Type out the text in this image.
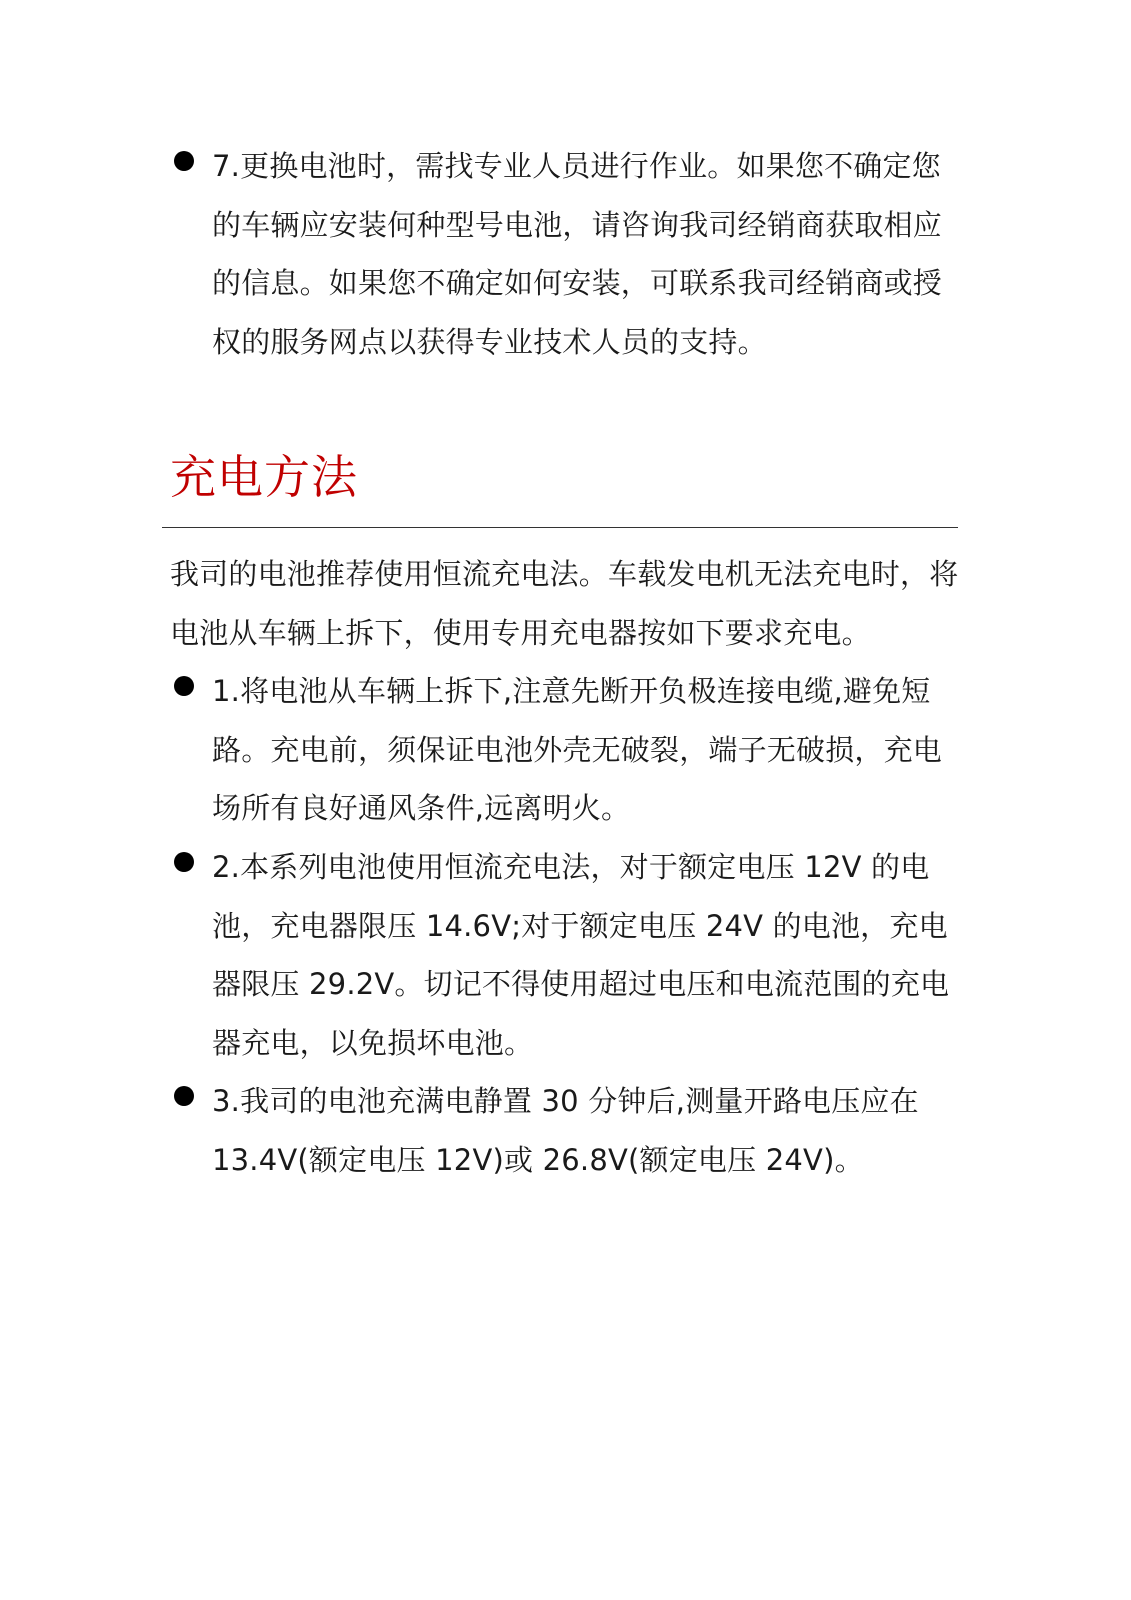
7.更换电池时，需找专业人员进行作业。如果您不确定您的车辆应安装何种型号电池，请咨询我司经销商获取相应的信息。如果您不确定如何安装，可联系我司经销商或授权的服务网点以获得专业技术人员的支持。
充电方法
我司的电池推荐使用恒流充电法。车载发电机无法充电时，将电池从车辆上拆下，使用专用充电器按如下要求充电。
1.将电池从车辆上拆下,注意先断开负极连接电缆,避免短路。充电前，须保证电池外壳无破裂，端子无破损，充电场所有良好通风条件,远离明火。
2.本系列电池使用恒流充电法，对于额定电压 12V 的电池，充电器限压 14.6V;对于额定电压 24V 的电池，充电器限压 29.2V。切记不得使用超过电压和电流范围的充电器充电，以免损坏电池。
3.我司的电池充满电静置 30 分钟后,测量开路电压应在13.4V(额定电压 12V)或 26.8V(额定电压 24V)。
